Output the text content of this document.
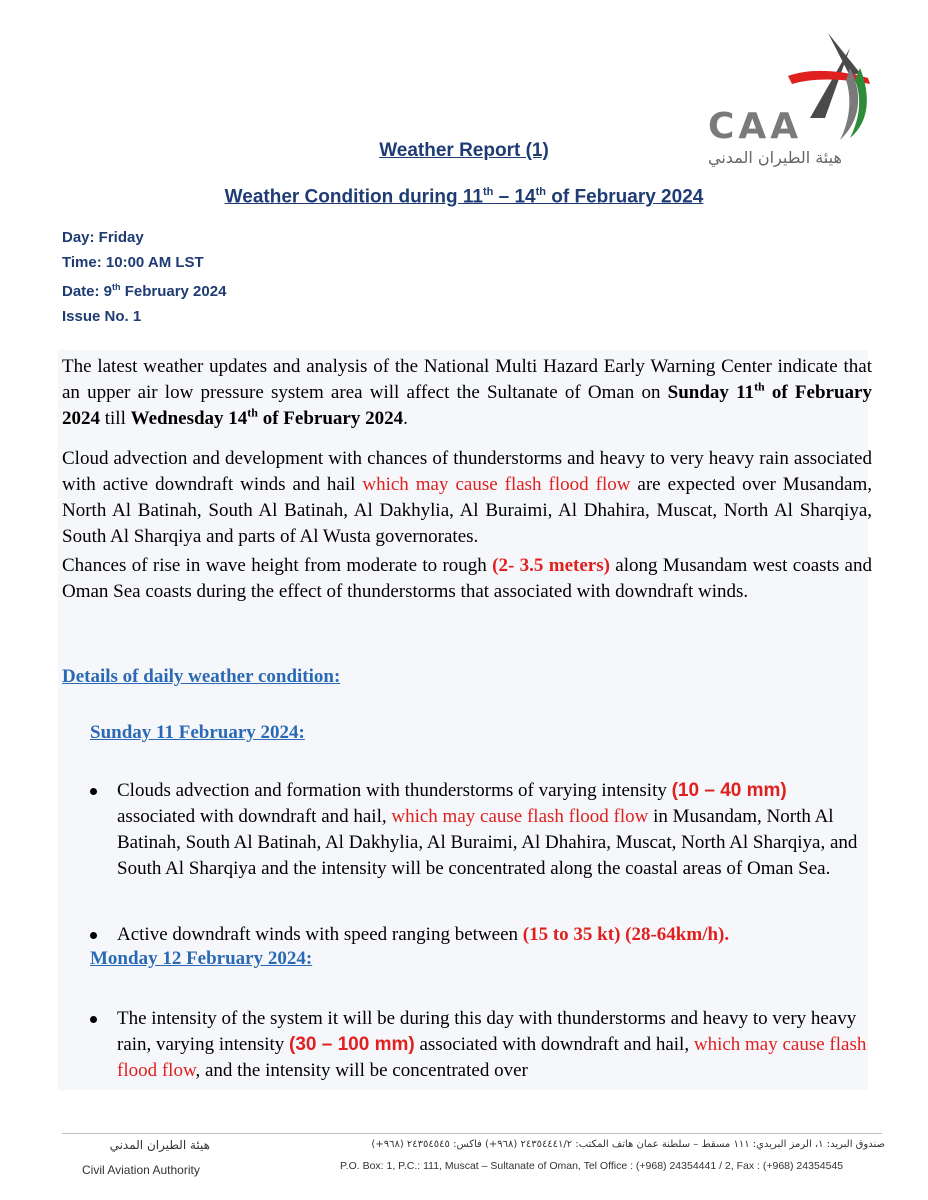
CAA
هيئة الطيران المدني
Weather Report (1)
Weather Condition during 11th – 14th of February 2024
Day: Friday
Time: 10:00 AM LST
Date: 9th February 2024
Issue No. 1
The latest weather updates and analysis of the National Multi Hazard Early Warning Center indicate that an upper air low pressure system area will affect the Sultanate of Oman on Sunday 11th of February 2024 till Wednesday 14th of February 2024.
Cloud advection and development with chances of thunderstorms and heavy to very heavy rain associated with active downdraft winds and hail which may cause flash flood flow are expected over Musandam, North Al Batinah, South Al Batinah, Al Dakhylia, Al Buraimi, Al Dhahira, Muscat, North Al Sharqiya, South Al Sharqiya and parts of Al Wusta governorates.
Chances of rise in wave height from moderate to rough (2- 3.5 meters) along Musandam west coasts and Oman Sea coasts during the effect of thunderstorms that associated with downdraft winds.
Details of daily weather condition:
Sunday 11 February 2024:
Clouds advection and formation with thunderstorms of varying intensity (10 – 40 mm) associated with downdraft and hail, which may cause flash flood flow in Musandam, North Al Batinah, South Al Batinah, Al Dakhylia, Al Buraimi, Al Dhahira, Muscat, North Al Sharqiya, and South Al Sharqiya and the intensity will be concentrated along the coastal areas of Oman Sea.
Active downdraft winds with speed ranging between (15 to 35 kt) (28-64km/h).
Monday 12 February 2024:
The intensity of the system it will be during this day with thunderstorms and heavy to very heavy rain, varying intensity (30 – 100 mm) associated with downdraft and hail, which may cause flash flood flow, and the intensity will be concentrated over
هيئة الطيران المدني
Civil Aviation Authority
صندوق البريد: ١، الرمز البريدي: ١١١ مسقط – سلطنة عمان هاتف المكتب: ٢٤٣٥٤٤٤١/٢ (٩٦٨+) فاكس: ٢٤٣٥٤٥٤٥ (٩٦٨+)
P.O. Box: 1, P.C.: 111, Muscat – Sultanate of Oman, Tel Office : (+968) 24354441 / 2, Fax : (+968) 24354545
